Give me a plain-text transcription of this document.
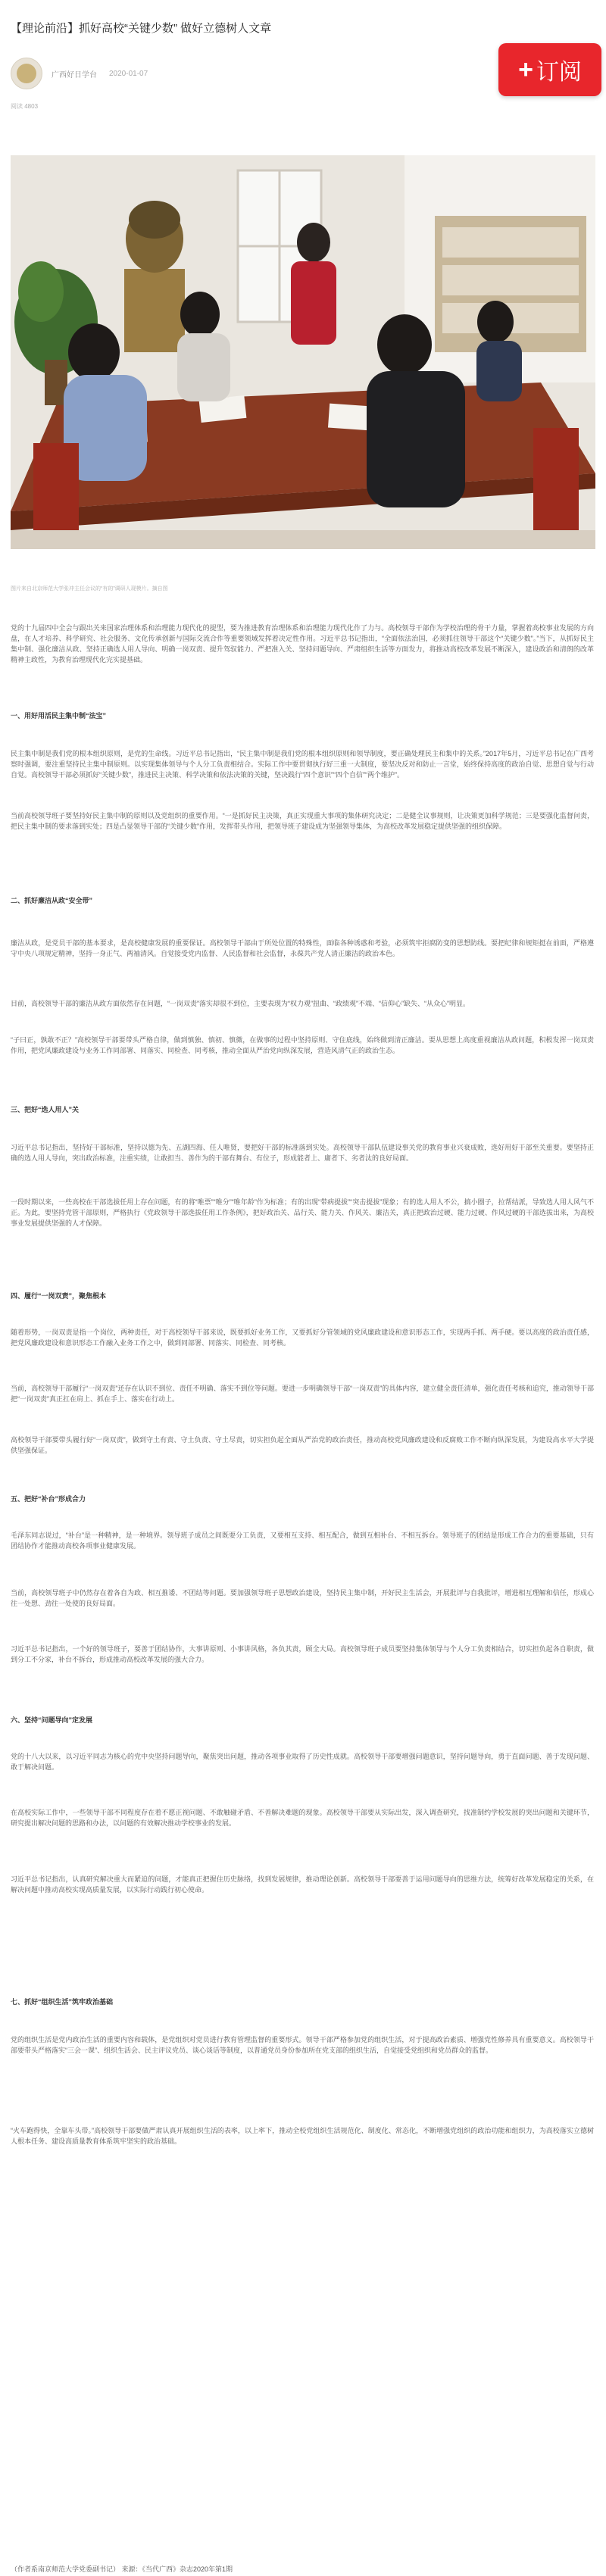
【理论前沿】抓好高校“关键少数” 做好立德树人文章
广西好日学台 2020-01-07
阅读 4803
+ 订阅
图片来自北京师范大学张冲主任会议的“有的”调研人现模片。摘自图
党的十九届四中全会与跟出关来国家治理体系和治理能力现代化的提型，要为推进教育治理体系和治理能力现代化作了力与。高校领导干部作为学校治理的骨干力量，掌握着高校事业发展的方向盘，在人才培养、科学研究、社会服务、文化传承创新与国际交流合作等重要领域发挥着决定性作用。习近平总书记指出，“全面依法治国，必须抓住领导干部这个“关键少数”。”当下，从抓好民主集中制、强化廉洁从政、坚持正确选人用人导向、明确一岗双责、提升驾驭能力、严把准入关、坚持问题导向、严肃组织生活等方面发力，将推动高校改革发展不断深入，建设政治和清朗的改革精神主政性，为教育治理现代化完实提基础。
一、用好用活民主集中制“法宝”
民主集中制是我们党的根本组织原则，是党的生命线。习近平总书记指出，“民主集中制是我们党的根本组织原则和领导制度，要正确处理民主和集中的关系。”2017年5月，习近平总书记在广西考察时强调，要注重坚持民主集中制原则。以实现集体领导与个人分工负责相结合。实际工作中要贯彻执行好三重一大制度，要坚决反对和防止一言堂，始终保持高度的政治自觉、思想自觉与行动自觉。高校领导干部必须抓好“关键少数”，推进民主决策、科学决策和依法决策的关键，坚决践行“四个意识”“四个自信”“两个维护”。
当前高校领导班子要坚持好民主集中制的原则以及党组织的重要作用。“一是抓好民主决策，真正实现重大事项的集体研究决定；二是健全议事规则，让决策更加科学规范；三是要强化监督问责，把民主集中制的要求落到实处；四是凸显领导干部的“关键少数”作用，发挥带头作用，把领导班子建设成为坚强领导集体，为高校改革发展稳定提供坚强的组织保障。
二、抓好廉洁从政“安全带”
廉洁从政，是党员干部的基本要求，是高校健康发展的重要保证。高校领导干部由于所处位置的特殊性，面临各种诱惑和考验，必须筑牢拒腐防变的思想防线。要把纪律和规矩挺在前面，严格遵守中央八项规定精神，坚持一身正气、两袖清风。自觉接受党内监督、人民监督和社会监督，永葆共产党人清正廉洁的政治本色。
目前，高校领导干部的廉洁从政方面依然存在问题，“一岗双责”落实却很不到位，主要表现为“权力观”扭曲、“政绩观”不端、“信仰心”缺失、“从众心”明显。
“子曰正，孰敢不正？”高校领导干部要带头严格自律，做到慎独、慎初、慎微，在做事的过程中坚持原则、守住底线，始终做到清正廉洁。要从思想上高度重视廉洁从政问题，积极发挥一岗双责作用，把党风廉政建设与业务工作同部署、同落实、同检查、同考核，推动全面从严治党向纵深发展，营造风清气正的政治生态。
三、把好“选人用人”关
习近平总书记指出，坚持好干部标准，坚持以德为先、五湖四海、任人唯贤，要把好干部的标准落到实处。高校领导干部队伍建设事关党的教育事业兴衰成败，选好用好干部至关重要。要坚持正确的选人用人导向，突出政治标准，注重实绩，让敢担当、善作为的干部有舞台、有位子，形成能者上、庸者下、劣者汰的良好局面。
一段时期以来，一些高校在干部选拔任用上存在问题，有的将“唯票”“唯分”“唯年龄”作为标准；有的出现“带病提拔”“突击提拔”现象；有的选人用人不公，搞小圈子，拉帮结派，导致选人用人风气不正。为此，要坚持党管干部原则，严格执行《党政领导干部选拔任用工作条例》，把好政治关、品行关、能力关、作风关、廉洁关，真正把政治过硬、能力过硬、作风过硬的干部选拔出来，为高校事业发展提供坚强的人才保障。
四、履行“一岗双责”，聚焦根本
随着形势，一岗双责是指一个岗位，两种责任，对于高校领导干部来说，既要抓好业务工作，又要抓好分管领域的党风廉政建设和意识形态工作，实现两手抓、两手硬。要以高度的政治责任感，把党风廉政建设和意识形态工作融入业务工作之中，做到同部署、同落实、同检查、同考核。
当前，高校领导干部履行“一岗双责”还存在认识不到位、责任不明确、落实不到位等问题。要进一步明确领导干部“一岗双责”的具体内容，建立健全责任清单，强化责任考核和追究，推动领导干部把“一岗双责”真正扛在肩上、抓在手上、落实在行动上。
高校领导干部要带头履行好“一岗双责”，做到守土有责、守土负责、守土尽责，切实担负起全面从严治党的政治责任，推动高校党风廉政建设和反腐败工作不断向纵深发展，为建设高水平大学提供坚强保证。
五、把好“补台”形成合力
毛泽东同志说过，“补台”是一种精神，是一种境界。领导班子成员之间既要分工负责，又要相互支持、相互配合，做到互相补台、不相互拆台。领导班子的团结是形成工作合力的重要基础，只有团结协作才能推动高校各项事业健康发展。
当前，高校领导班子中仍然存在着各自为政、相互推诿、不团结等问题。要加强领导班子思想政治建设，坚持民主集中制，开好民主生活会，开展批评与自我批评，增进相互理解和信任，形成心往一处想、劲往一处使的良好局面。
习近平总书记指出，一个好的领导班子，要善于团结协作，大事讲原则、小事讲风格，各负其责，顾全大局。高校领导班子成员要坚持集体领导与个人分工负责相结合，切实担负起各自职责，做到分工不分家，补台不拆台，形成推动高校改革发展的强大合力。
六、坚持“问题导向”定发展
党的十八大以来，以习近平同志为核心的党中央坚持问题导向，聚焦突出问题，推动各项事业取得了历史性成就。高校领导干部要增强问题意识，坚持问题导向，勇于直面问题、善于发现问题、敢于解决问题。
在高校实际工作中，一些领导干部不同程度存在着不愿正视问题、不敢触碰矛盾、不善解决难题的现象。高校领导干部要从实际出发，深入调查研究，找准制约学校发展的突出问题和关键环节，研究提出解决问题的思路和办法，以问题的有效解决推动学校事业的发展。
习近平总书记指出，认真研究解决重大而紧迫的问题，才能真正把握住历史脉络，找到发展规律，推动理论创新。高校领导干部要善于运用问题导向的思维方法，统筹好改革发展稳定的关系，在解决问题中推动高校实现高质量发展，以实际行动践行初心使命。
七、抓好“组织生活”筑牢政治基础
党的组织生活是党内政治生活的重要内容和载体，是党组织对党员进行教育管理监督的重要形式。领导干部严格参加党的组织生活，对于提高政治素质、增强党性修养具有重要意义。高校领导干部要带头严格落实“三会一课”、组织生活会、民主评议党员、谈心谈话等制度，以普通党员身份参加所在党支部的组织生活，自觉接受党组织和党员群众的监督。
“火车跑得快，全靠车头带。”高校领导干部要做严肃认真开展组织生活的表率，以上率下，推动全校党组织生活规范化、制度化、常态化，不断增强党组织的政治功能和组织力，为高校落实立德树人根本任务、建设高质量教育体系筑牢坚实的政治基础。
（作者系南京师范大学党委副书记） 来源：《当代广西》杂志2020年第1期
